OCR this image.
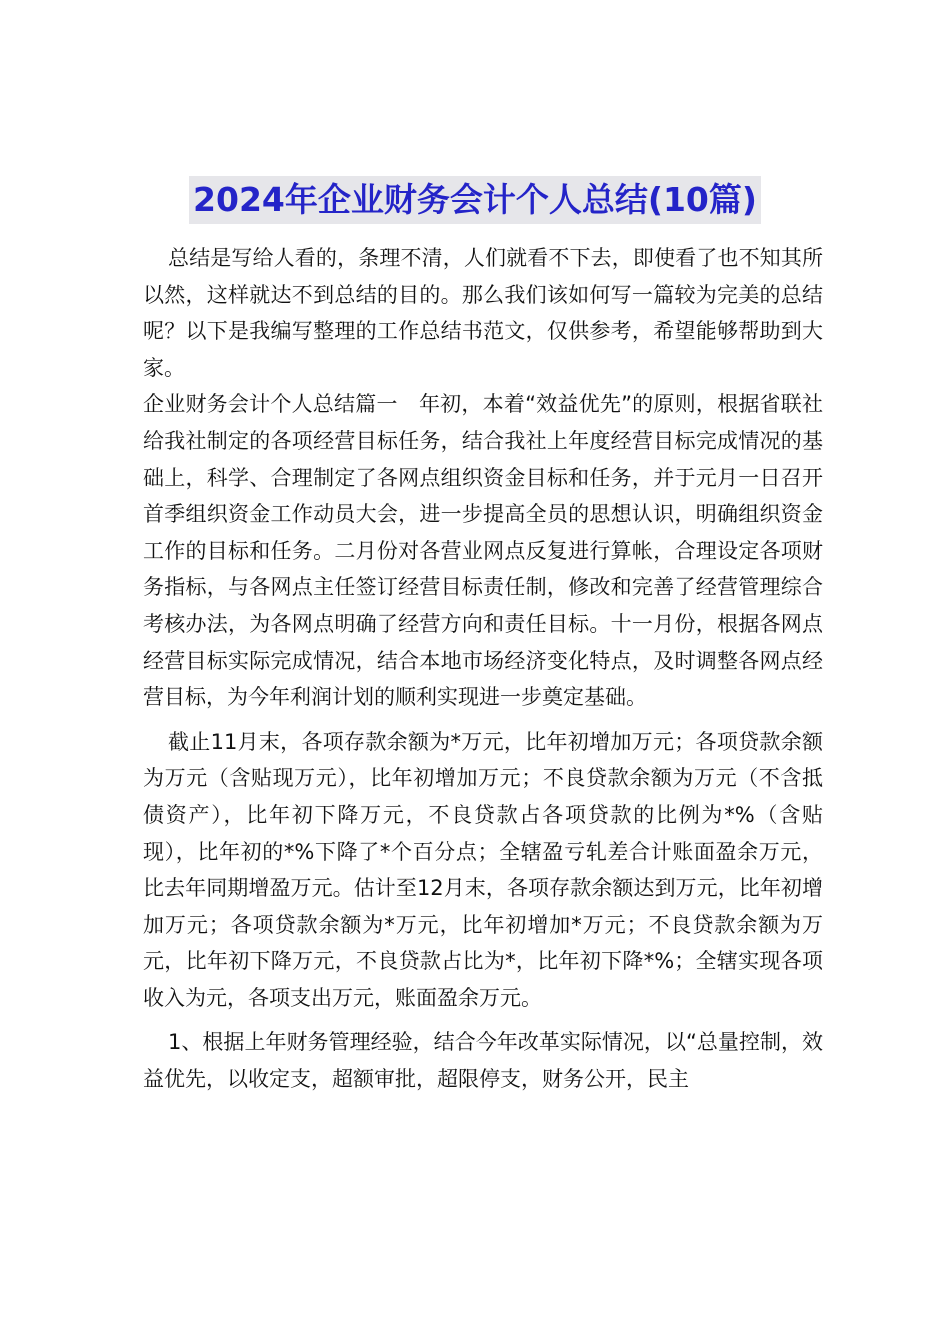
2024年企业财务会计个人总结(10篇)

总结是写给人看的，条理不清，人们就看不下去，即使看了也不知其所以然，这样就达不到总结的目的。那么我们该如何写一篇较为完美的总结呢？以下是我编写整理的工作总结书范文，仅供参考，希望能够帮助到大家。

企业财务会计个人总结篇一　年初，本着“效益优先”的原则，根据省联社给我社制定的各项经营目标任务，结合我社上年度经营目标完成情况的基础上，科学、合理制定了各网点组织资金目标和任务，并于元月一日召开首季组织资金工作动员大会，进一步提高全员的思想认识，明确组织资金工作的目标和任务。二月份对各营业网点反复进行算帐，合理设定各项财务指标，与各网点主任签订经营目标责任制，修改和完善了经营管理综合考核办法，为各网点明确了经营方向和责任目标。十一月份，根据各网点经营目标实际完成情况，结合本地市场经济变化特点，及时调整各网点经营目标，为今年利润计划的顺利实现进一步奠定基础。

截止11月末，各项存款余额为*万元，比年初增加万元；各项贷款余额为万元（含贴现万元），比年初增加万元；不良贷款余额为万元（不含抵债资产），比年初下降万元，不良贷款占各项贷款的比例为*%（含贴现），比年初的*%下降了*个百分点；全辖盈亏轧差合计账面盈余万元，比去年同期增盈万元。估计至12月末，各项存款余额达到万元，比年初增加万元；各项贷款余额为*万元，比年初增加*万元；不良贷款余额为万元，比年初下降万元，不良贷款占比为*，比年初下降*%；全辖实现各项收入为元，各项支出万元，账面盈余万元。

1、根据上年财务管理经验，结合今年改革实际情况，以“总量控制，效益优先，以收定支，超额审批，超限停支，财务公开，民主
